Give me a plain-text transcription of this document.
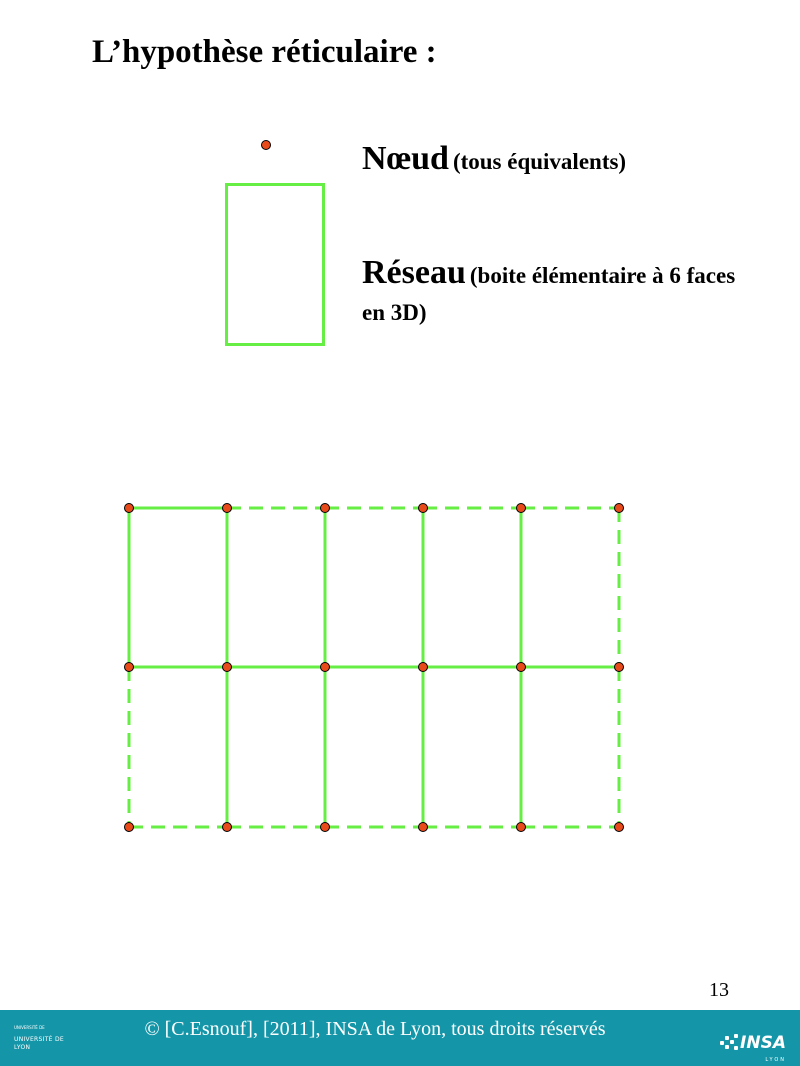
L’hypothèse réticulaire :
Nœud (tous équivalents)
Réseau (boite élémentaire à 6 faces en 3D)
13
UNIVERSITÉ DE
UNIVERSITÉ DE LYON
© [C.Esnouf], [2011], INSA de Lyon, tous droits réservés
INSA
LYON
